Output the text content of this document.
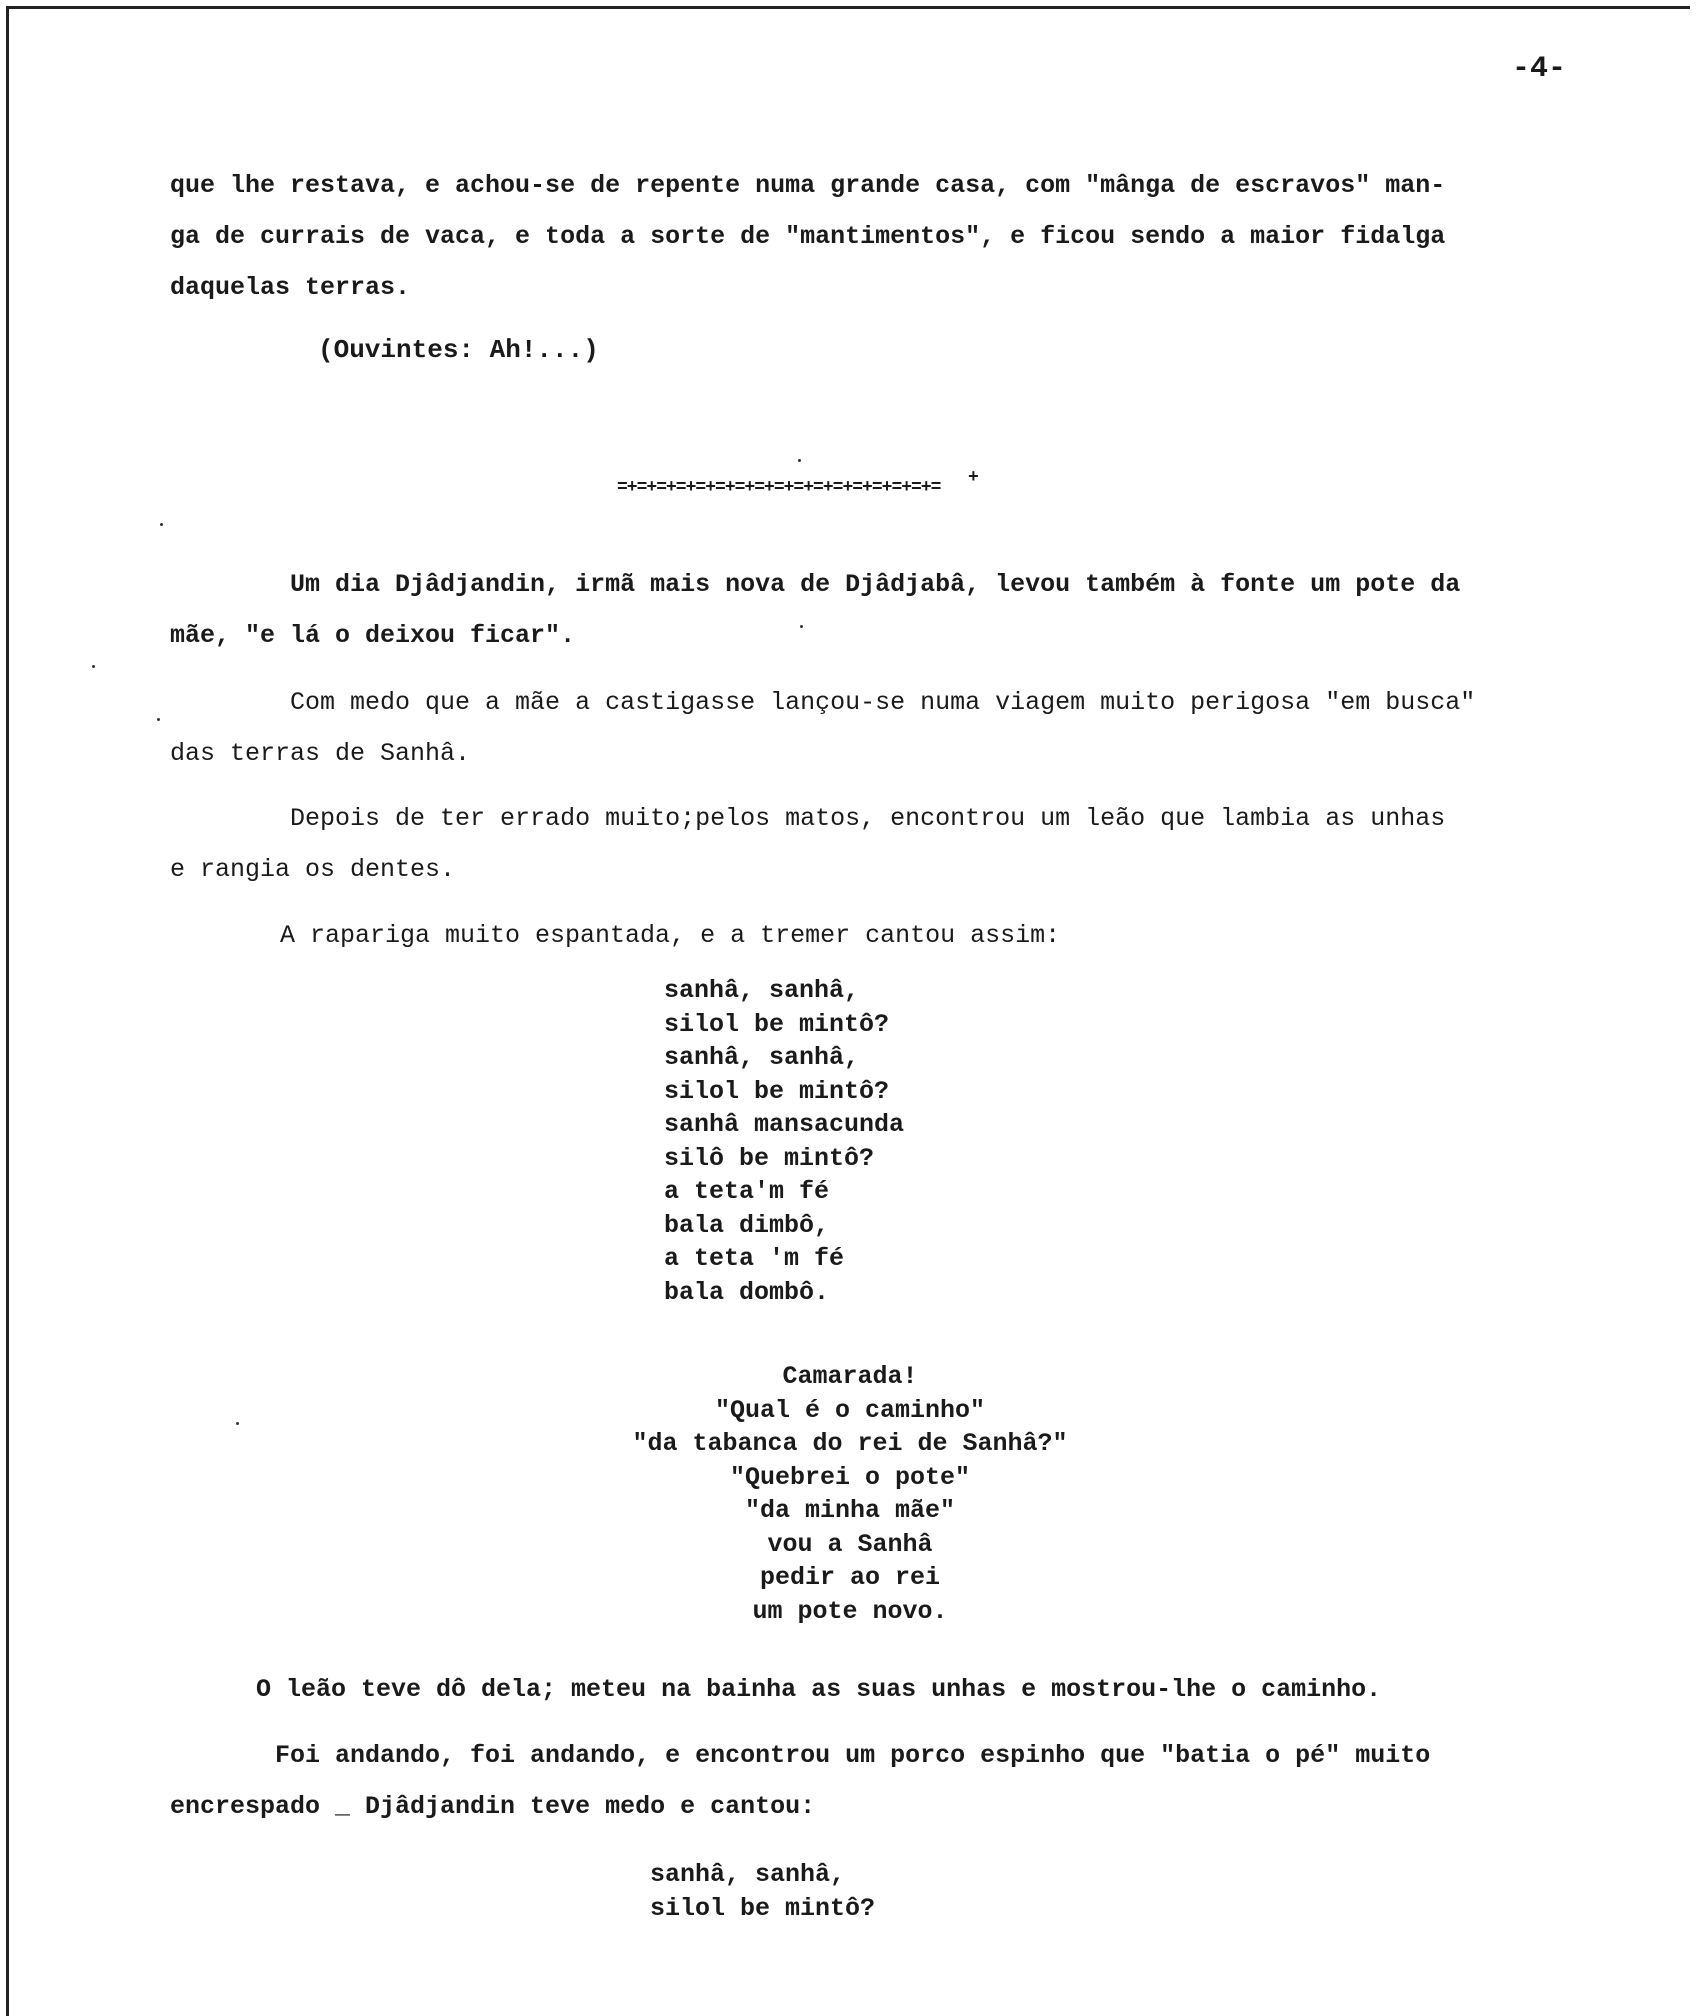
-4-
que lhe restava, e achou-se de repente numa grande casa, com "mânga de escravos" man-
ga de currais de vaca, e toda a sorte de "mantimentos", e ficou sendo a maior fidalga
daquelas terras.
(Ouvintes: Ah!...)
=+=+=+=+=+=+=+=+=+=+=+=+=+=+=+=+= +
Um dia Djâdjandin, irmã mais nova de Djâdjabâ, levou também à fonte um pote da
mãe, "e lá o deixou ficar".
Com medo que a mãe a castigasse lançou-se numa viagem muito perigosa "em busca"
das terras de Sanhâ.
Depois de ter errado muito;pelos matos, encontrou um leão que lambia as unhas
e rangia os dentes.
A rapariga muito espantada, e a tremer cantou assim:
sanhâ, sanhâ,
silol be mintô?
sanhâ, sanhâ,
silol be mintô?
sanhâ mansacunda
silô be mintô?
a teta'm fé
bala dimbô,
a teta 'm fé
bala dombô.
Camarada!
"Qual é o caminho"
"da tabanca do rei de Sanhâ?"
"Quebrei o pote"
"da minha mãe"
vou a Sanhâ
pedir ao rei
um pote novo.
O leão teve dô dela; meteu na bainha as suas unhas e mostrou-lhe o caminho.
Foi andando, foi andando, e encontrou um porco espinho que "batia o pé" muito
encrespado _ Djâdjandin teve medo e cantou:
sanhâ, sanhâ,
silol be mintô?
